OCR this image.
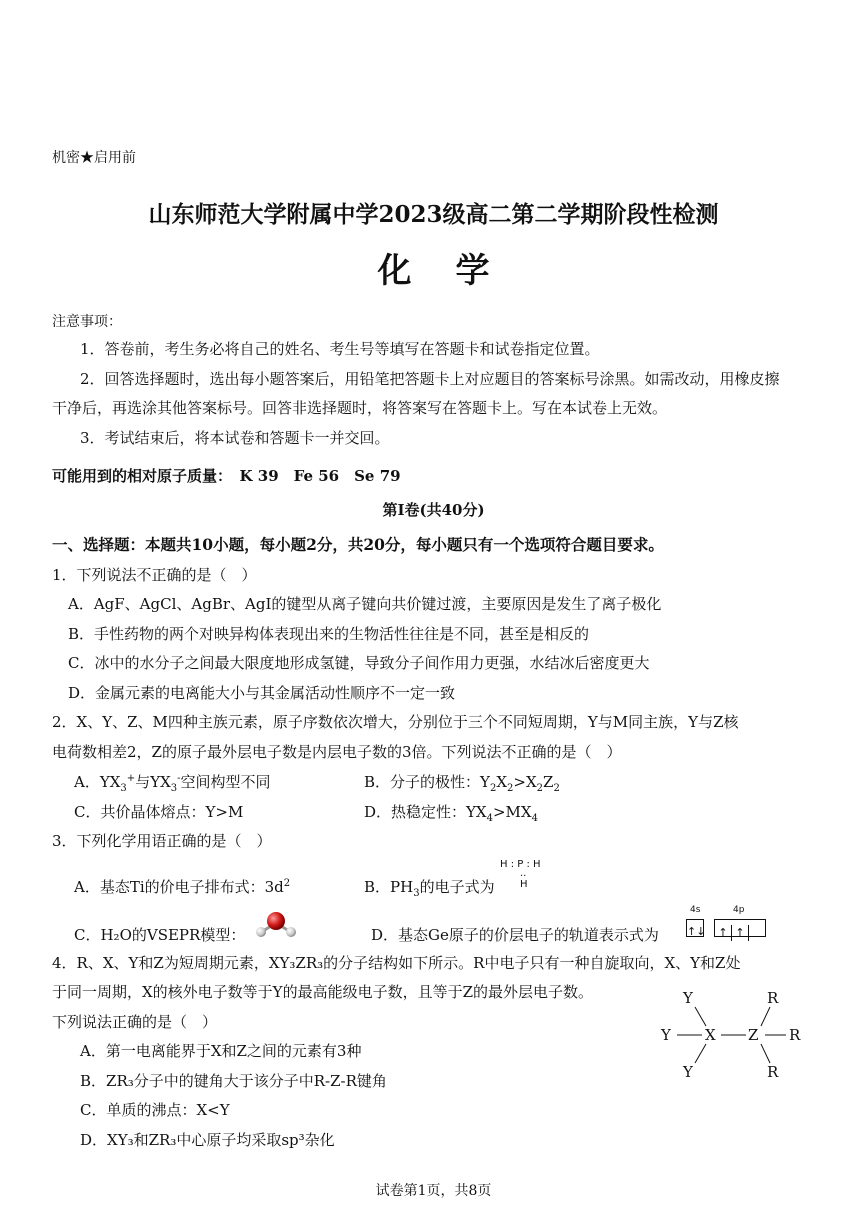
机密★启用前
山东师范大学附属中学2023级高二第二学期阶段性检测
化学
注意事项：
1．答卷前，考生务必将自己的姓名、考生号等填写在答题卡和试卷指定位置。
2．回答选择题时，选出每小题答案后，用铅笔把答题卡上对应题目的答案标号涂黑。如需改动，用橡皮擦
干净后，再选涂其他答案标号。回答非选择题时，将答案写在答题卡上。写在本试卷上无效。
3．考试结束后，将本试卷和答题卡一并交回。
可能用到的相对原子质量：　K 39　Fe 56　Se 79
第Ⅰ卷(共40分)
一、选择题：本题共10小题，每小题2分，共20分，每小题只有一个选项符合题目要求。
1．下列说法不正确的是（　）
A．AgF、AgCl、AgBr、AgI的键型从离子键向共价键过渡，主要原因是发生了离子极化
B．手性药物的两个对映异构体表现出来的生物活性往往是不同，甚至是相反的
C．冰中的水分子之间最大限度地形成氢键，导致分子间作用力更强，水结冰后密度更大
D．金属元素的电离能大小与其金属活动性顺序不一定一致
2．X、Y、Z、M四种主族元素，原子序数依次增大，分别位于三个不同短周期，Y与M同主族，Y与Z核
电荷数相差2，Z的原子最外层电子数是内层电子数的3倍。下列说法不正确的是（　）
A．$YX_3^+$与$YX_3^-$空间构型不同	B．分子的极性：$Y_2X_2>X_2Z_2$
C．共价晶体熔点：Y>M	D．热稳定性：$YX_4>MX_4$
3．下列化学用语正确的是（　）
A．基态Ti的价电子排布式：$3d^2$	B．$PH_3$的电子式为
H : P : H
··
H
C．H₂O的VSEPR模型：	D．基态Ge原子的价层电子的轨道表示式为
4s	4p
↑↓	↑ ↑
4．R、X、Y和Z为短周期元素，XY₃ZR₃的分子结构如下所示。R中电子只有一种自旋取向，X、Y和Z处
于同一周期，X的核外电子数等于Y的最高能级电子数，且等于Z的最外层电子数。
下列说法正确的是（　）
A．第一电离能界于X和Z之间的元素有3种
B．ZR₃分子中的键角大于该分子中R-Z-R键角
C．单质的沸点：X<Y
D．XY₃和ZR₃中心原子均采取sp³杂化
Y
Y
Y
X Z
R
R
R
试卷第1页，共8页
